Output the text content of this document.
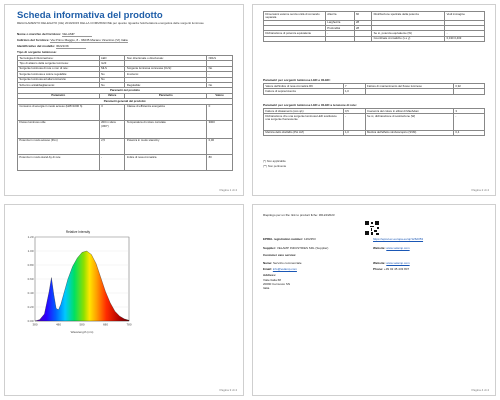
Scheda informativa del prodotto
REGOLAMENTO DELEGATO (UE) 2019/2015 DELLA COMMISSIONE per quanto riguarda l'etichettatura energetica delle sorgenti luminose
Nome o marchio del fornitore: VELAMP
Indirizzo del fornitore: Via Primo Maggio, 8 - 36035 Marano Vicentino (VI) Italia
Identificativo del modello: IR221/3K
Tipo di sorgente luminosa:
Tecnologia di illuminazione:	LED	Non direzionale o direzionale:	NDLS
Tipo di attacco della sorgente luminosa:	G23		
Sorgente luminosa di rete o non di rete:	MLS	Sorgente luminosa connessa (CLS):	No
Sorgente luminosa a colore regolabile:	No	Involucro:	-
Sorgente luminosa ad alta luminanza:	No		
Schermo antiabbagliamento:	No	Regolabile:	No
Parametri del prodotto			
Parametro	Valore	Parametro	Valore
Parametri generali del prodotto:			
Consumo di energia in modo acceso (kWh/1000 h)	3	Classe di efficienza energetica	F
Flusso luminoso utile	200 in sfera (360°)	Temperatura di colore correlata	3000
Potenza in modo acceso (Pon)	2,5	Potenza in modo stand-by	0,00
Potenza in modo stand-by di rete	-	Indice di resa cromatica	80
Pagina 1 di 4
Dimensioni esterne senza unità di comando separata	Altezza	60	Distribuzione spettrale della potenza	Vedi immagine
	Larghezza	28		
	Profondità	28		
Dichiarazione di potenza equivalente	-		Se sì, potenza equivalente (W)	-
			Coordinate cromatiche (x e y)	0,430 0,403
Parametri per sorgenti luminose LED e OLED:
Valore dell'indice di resa cromatica R9	7	Fattore di mantenimento del flusso luminoso	0,92
Fattore di sopravvivenza	1,0		
Parametri per sorgenti luminose LED e OLED a tensione di rete:
Fattore di sfasamento (cos φ1)	0,5	Coerenza del colore in ellissi di MacAdam	3
Dichiarazione che una sorgente luminosa LED sostituisce una sorgente fluorescente	-	Se sì, dichiarazione di sostituzione (W)	-
Metrica dello sfarfallio (Pst LM)	1,0	Metrica dell'effetto stroboscopico (SVM)	0,4
(*) Non applicabile
(**) Non pertinente
Pagina 2 di 4
Relative Intensity
1.20
1.00
0.80
0.60
0.40
0.20
0.00
380	480	580	680	780
Wavelength (nm)
Pagina 3 di 4
Riepilogo per un file: link to product fiche: 36124/2023
EPREL registration number: 1262353	https://eprel.ec.europa.eu/qr/1262353
Supplier: VELAMP INDUSTRIES SRL (Supplier)	Website: www.velamp.com
Customer care service:
Name: Servizio commerciale	Website: www.velamp.com
Email: info@velamp.com	Phone: +39 02 45 433 807
Address:
Viale Italia 68
20090 Cernusco SN
Italia
Pagina 4 di 4
